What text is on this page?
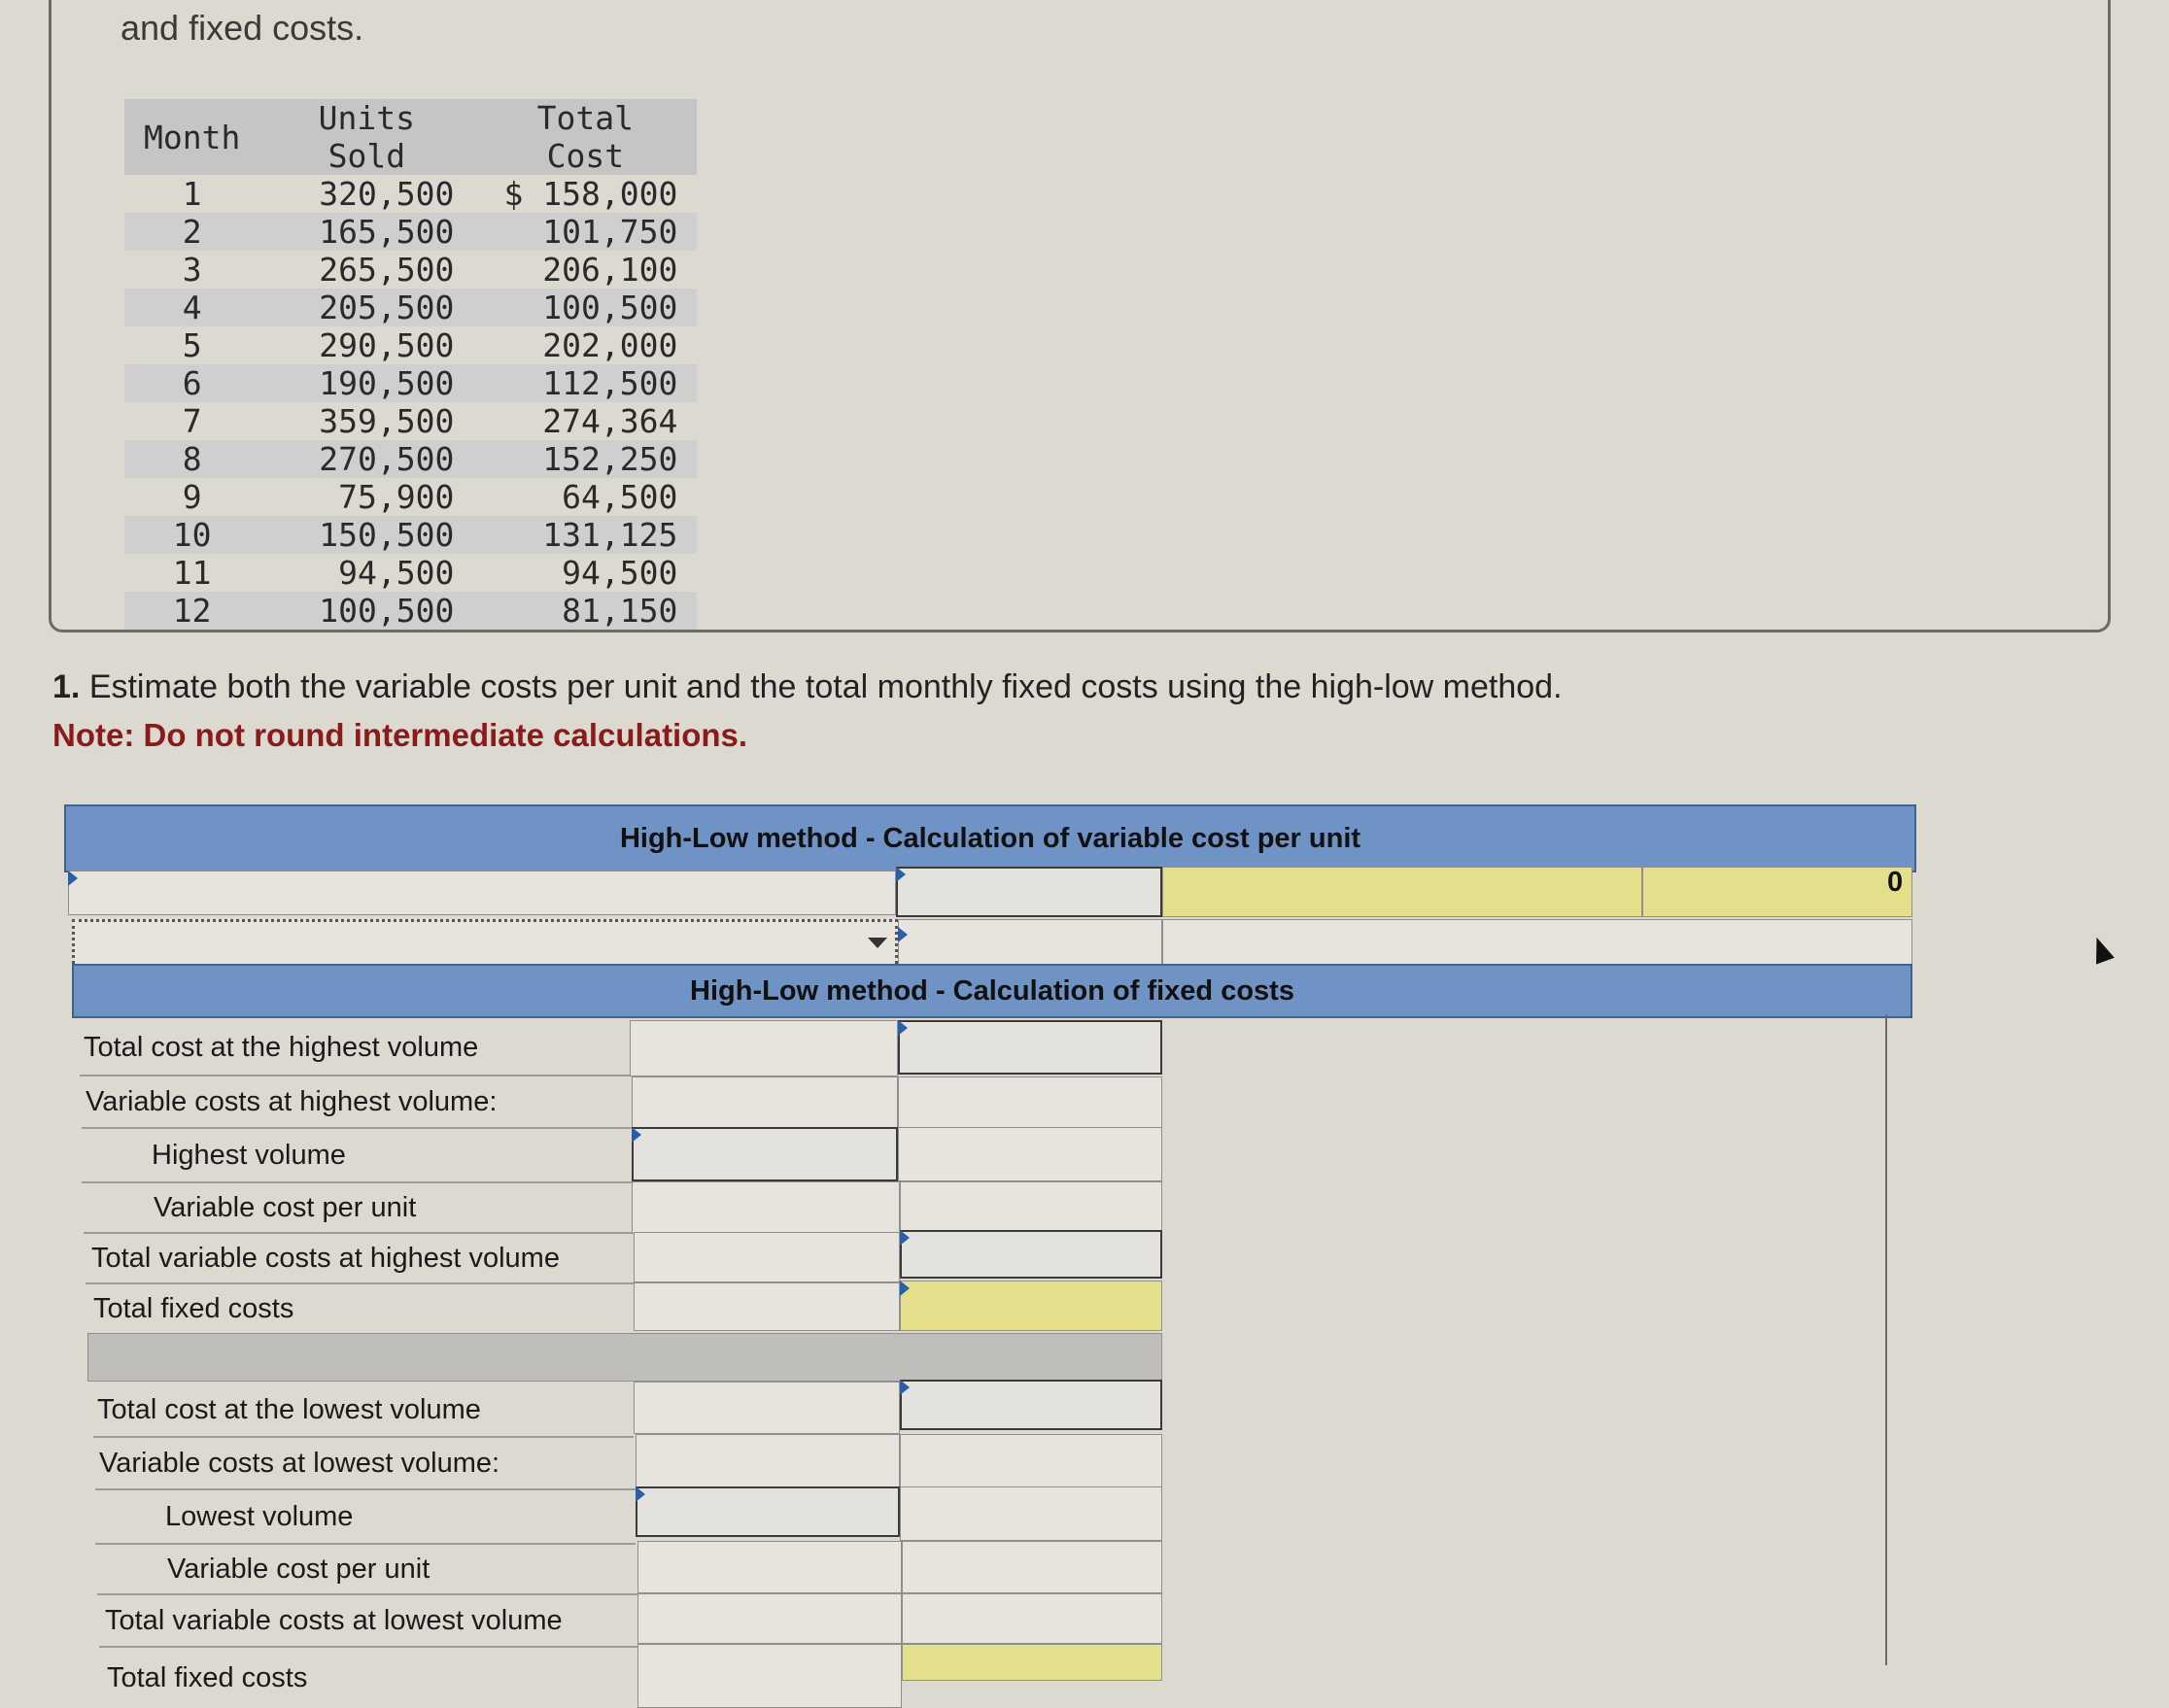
and fixed costs.
Month	Units Sold	Total Cost
1	320,500	$ 158,000
2	165,500	101,750
3	265,500	206,100
4	205,500	100,500
5	290,500	202,000
6	190,500	112,500
7	359,500	274,364
8	270,500	152,250
9	75,900	64,500
10	150,500	131,125
11	94,500	94,500
12	100,500	81,150
1. Estimate both the variable costs per unit and the total monthly fixed costs using the high-low method.
Note: Do not round intermediate calculations.
High-Low method - Calculation of variable cost per unit
0
High-Low method - Calculation of fixed costs
Total cost at the highest volume
Variable costs at highest volume:
Highest volume
Variable cost per unit
Total variable costs at highest volume
Total fixed costs
Total cost at the lowest volume
Variable costs at lowest volume:
Lowest volume
Variable cost per unit
Total variable costs at lowest volume
Total fixed costs
